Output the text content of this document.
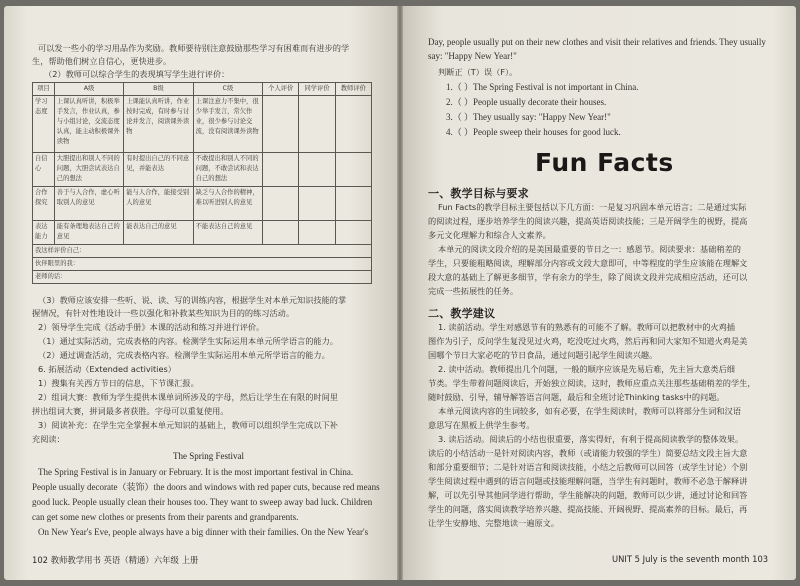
可以发一些小的学习用品作为奖励。教师要待别注意鼓励那些学习有困难而有进步的学
生，帮助他们树立自信心，更快进步。
（2）教师可以综合学生的表现填写学生进行评价：
项目	A级	B级	C级	个人评价	同学评价	教师评价
学习态度	上课认真听讲，积极举手发言，作业认真，参与小组讨论，交流态度认真，能主动积极课外读物	上课能认真听讲，作业按时完成，有时参与讨论并发言，阅读课外读物	上课注意力不集中，很少举手发言，常欠作业，很少参与讨论交流，没有阅读课外读物			
自信心	大胆提出和别人不同的问题，大胆尝试表达自己的想法	有时提出自己的不同意见，并能表达	不敢提出和别人不同的问题，不敢尝试和表达自己的想法			
合作探究	善于与人合作，虚心听取别人的意见	能与人合作，能接受别人的意见	缺乏与人合作的精神，难以听进别人的意见			
表达能力	能有条理地表达自己的意见	能表达自己的意见	不能表达自己的意见			
我这样评价自己：						
伙伴眼里的我：						
老师的话：						
（3）教师应该安排一些听、说、读、写的训练内容，根据学生对本单元知识技能的掌
握情况，有针对性地设计一些以强化和补救某些知识为目的的练习活动。
2）领导学生完成《活动手册》本课的活动和练习并进行评价。
（1）通过实际活动，完成表格的内容。检测学生实际运用本单元所学语言的能力。
（2）通过调查活动，完成表格内容。检测学生实际运用本单元所学语言的能力。
6. 拓展活动（Extended activities）
1）搜集有关西方节日的信息，下节课汇报。
2）组词大赛：教师为学生提供本课单词所涉及的字母，然后让学生在有限的时间里
拼出组词大赛，拼词最多者获胜。字母可以重复使用。
3）阅读补充：在学生完全掌握本单元知识的基础上，教师可以组织学生完成以下补
充阅读：
The Spring Festival
The Spring Festival is in January or February. It is the most important festival in China.
People usually decorate（装饰）the doors and windows with red paper cuts, because red means
good luck. People usually clean their houses too. They want to sweep away bad luck. Children
can get some new clothes or presents from their parents and grandparents.
On New Year's Eve, people always have a big dinner with their families. On the New Year's
102 教师教学用书 英语（精通）六年级 上册
Day, people usually put on their new clothes and visit their relatives and friends. They usually
say: "Happy New Year!"
判断正（T）误（F）。
1.（ ）The Spring Festival is not important in China.
2.（ ）People usually decorate their houses.
3.（ ）They usually say: "Happy New Year!"
4.（ ）People sweep their houses for good luck.
Fun Facts
一、教学目标与要求
Fun Facts的教学目标主要包括以下几方面：一是复习巩固本单元语言；二是通过实际
的阅读过程，逐步培养学生的阅读兴趣，提高英语阅读技能；三是开阔学生的视野，提高
多元文化理解力和综合人文素养。
本单元的阅读文段介绍的是美国最重要的节日之一：感恩节。阅读要求：基础稍差的
学生，只要能粗略阅读，理解部分内容或文段大意即可，中等程度的学生应该能在理解文
段大意的基础上了解更多细节，学有余力的学生，除了阅读文段并完成相应活动，还可以
完成一些拓展性的任务。
二、教学建议
1. 读前活动。学生对感恩节有的熟悉有的可能不了解。教师可以把教材中的火鸡插
图作为引子，反问学生复没见过火鸡，吃没吃过火鸡，然后再和同大家知不知道火鸡是美
国哪个节日大家必吃的节日食品，通过问题引起学生阅读兴趣。
2. 读中活动。教师提出几个问题，一般的顺序应该是先易后难，先主旨大意类后细
节类。学生带着问题阅读后，开始独立阅读，这时，教师应重点关注那些基础稍差的学生，
随时鼓励、引导，辅导解答语言问题，最后和全班讨论Thinking tasks中的问题。
本单元阅读内容的生词较多，如有必要，在学生阅读时，教师可以将部分生词和汉语
意思写在黑板上供学生参考。
3. 读后活动。阅读后的小结也很重要，落实得好，有利于提高阅读教学的整体效果。
读后的小结活动一是针对阅读内容，教师（或请能力较强的学生）简要总结文段主旨大意
和部分重要细节；二是针对语言和阅读技能，小结之后教师可以回答（或学生讨论）个别
学生阅读过程中遇到的语言问题或技能理解问题，当学生有问题时，教师不必急于解释讲
解，可以先引导其他同学进行帮助，学生能解决的问题，教师可以少讲，通过讨论和回答
学生的问题，落实阅读教学培养兴趣、提高技能、开阔视野、提高素养的目标。最后，再
让学生安静地、完整地读一遍原文。
UNIT 5 July is the seventh month 103
